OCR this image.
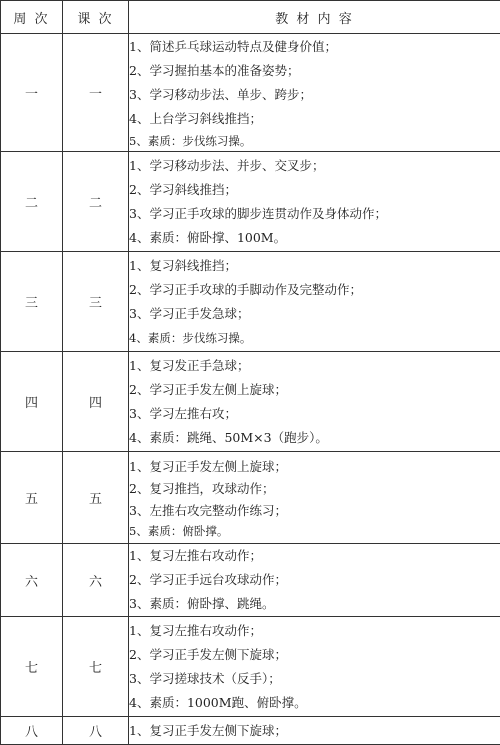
周 次	课 次	教 材 内 容
一	一	1、简述乒乓球运动特点及健身价值；
2、学习握拍基本的准备姿势；
3、学习移动步法、单步、跨步；
4、上台学习斜线推挡；
5、素质：步伐练习操。

二	二	1、学习移动步法、并步、交叉步；
2、学习斜线推挡；
3、学习正手攻球的脚步连贯动作及身体动作；
4、素质：俯卧撑、100M。

三	三	1、复习斜线推挡；
2、学习正手攻球的手脚动作及完整动作；
3、学习正手发急球；
4、素质：步伐练习操。

四	四	1、复习发正手急球；
2、学习正手发左侧上旋球；
3、学习左推右攻；
4、素质：跳绳、50M×3（跑步）。

五	五	1、复习正手发左侧上旋球；
2、复习推挡，攻球动作；
3、左推右攻完整动作练习；
5、素质：俯卧撑。

六	六	1、复习左推右攻动作；
2、学习正手远台攻球动作；
3、素质：俯卧撑、跳绳。

七	七	1、复习左推右攻动作；
2、学习正手发左侧下旋球；
3、学习搓球技术（反手）；
4、素质：1000M跑、俯卧撑。

八	八	1、复习正手发左侧下旋球；
